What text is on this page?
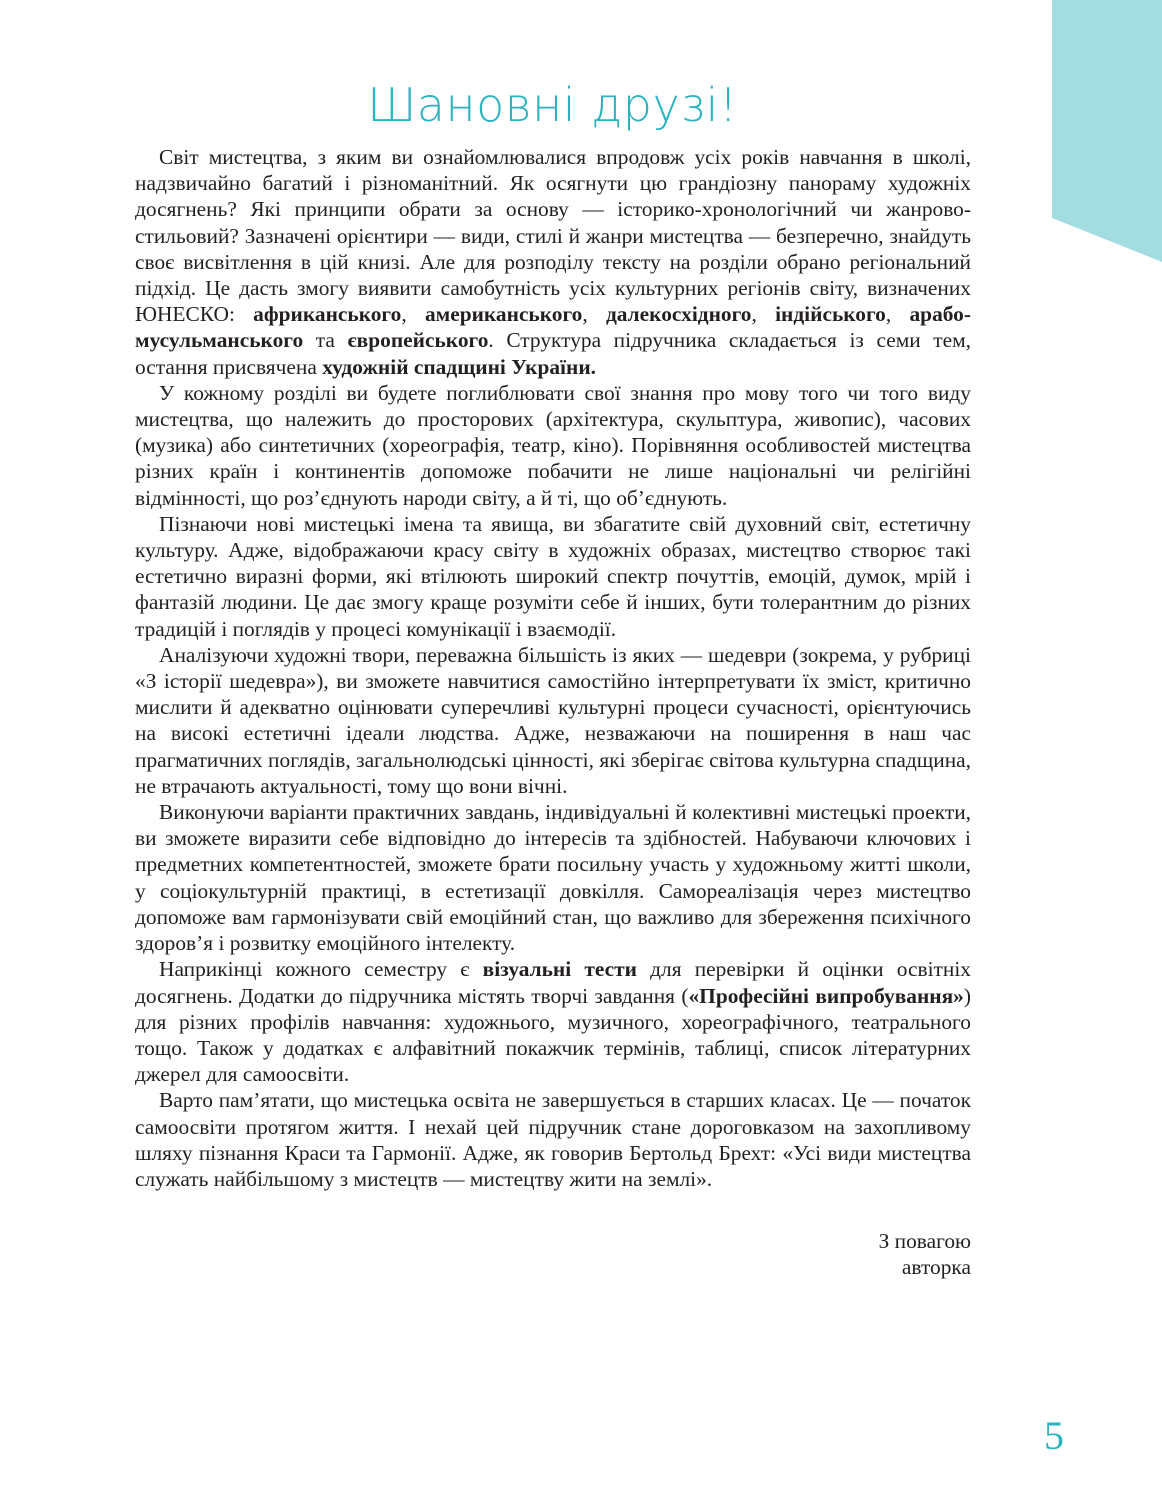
Шановні друзі!

Світ мистецтва, з яким ви ознайомлювалися впродовж усіх років навчання в школі, надзвичайно багатий і різноманітний. Як осягнути цю грандіозну панораму художніх досягнень? Які принципи обрати за основу — історико-хронологічний чи жанрово-стильовий? Зазначені орієнтири — види, стилі й жанри мистецтва — безперечно, знайдуть своє висвітлення в цій книзі. Але для розподілу тексту на розділи обрано регіональний підхід. Це дасть змогу виявити самобутність усіх культурних регіонів світу, визначених ЮНЕСКО: африканського, американського, далекосхідного, індійського, арабо-мусульманського та європейського. Структура підручника складається із семи тем, остання присвячена художній спадщині України.

У кожному розділі ви будете поглиблювати свої знання про мову того чи того виду мистецтва, що належить до просторових (архітектура, скульптура, живопис), часових (музика) або синтетичних (хореографія, театр, кіно). Порівняння особливостей мистецтва різних країн і континентів допоможе побачити не лише національні чи релігійні відмінності, що роз’єднують народи світу, а й ті, що об’єднують.

Пізнаючи нові мистецькі імена та явища, ви збагатите свій духовний світ, естетичну культуру. Адже, відображаючи красу світу в художніх образах, мистецтво створює такі естетично виразні форми, які втілюють широкий спектр почуттів, емоцій, думок, мрій і фантазій людини. Це дає змогу краще розуміти себе й інших, бути толерантним до різних традицій і поглядів у процесі комунікації і взаємодії.

Аналізуючи художні твори, переважна більшість із яких — шедеври (зокрема, у рубриці «З історії шедевра»), ви зможете навчитися самостійно інтерпретувати їх зміст, критично мислити й адекватно оцінювати суперечливі культурні процеси сучасності, орієнтуючись на високі естетичні ідеали людства. Адже, незважаючи на поширення в наш час прагматичних поглядів, загальнолюдські цінності, які зберігає світова культурна спадщина, не втрачають актуальності, тому що вони вічні.

Виконуючи варіанти практичних завдань, індивідуальні й колективні мистецькі проекти, ви зможете виразити себе відповідно до інтересів та здібностей. Набуваючи ключових і предметних компетентностей, зможете брати посильну участь у художньому житті школи, у соціокультурній практиці, в естетизації довкілля. Самореалізація через мистецтво допоможе вам гармонізувати свій емоційний стан, що важливо для збереження психічного здоров’я і розвитку емоційного інтелекту.

Наприкінці кожного семестру є візуальні тести для перевірки й оцінки освітніх досягнень. Додатки до підручника містять творчі завдання («Професійні випробування») для різних профілів навчання: художнього, музичного, хореографічного, театрального тощо. Також у додатках є алфавітний покажчик термінів, таблиці, список літературних джерел для самоосвіти.

Варто пам’ятати, що мистецька освіта не завершується в старших класах. Це — початок самоосвіти протягом життя. І нехай цей підручник стане дороговказом на захопливому шляху пізнання Краси та Гармонії. Адже, як говорив Бертольд Брехт: «Усі види мистецтва служать найбільшому з мистецтв — мистецтву жити на землі».

З повагою
авторка
5
